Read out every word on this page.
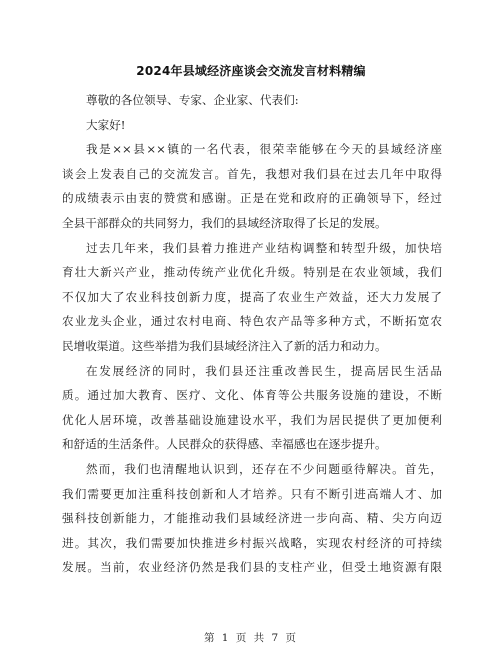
2024年县域经济座谈会交流发言材料精编
尊敬的各位领导、专家、企业家、代表们:
大家好!
我是××县××镇的一名代表，很荣幸能够在今天的县域经济座
谈会上发表自己的交流发言。首先，我想对我们县在过去几年中取得
的成绩表示由衷的赞赏和感谢。正是在党和政府的正确领导下，经过
全县干部群众的共同努力，我们的县域经济取得了长足的发展。
过去几年来，我们县着力推进产业结构调整和转型升级，加快培
育壮大新兴产业，推动传统产业优化升级。特别是在农业领域，我们
不仅加大了农业科技创新力度，提高了农业生产效益，还大力发展了
农业龙头企业，通过农村电商、特色农产品等多种方式，不断拓宽农
民增收渠道。这些举措为我们县域经济注入了新的活力和动力。
在发展经济的同时，我们县还注重改善民生，提高居民生活品
质。通过加大教育、医疗、文化、体育等公共服务设施的建设，不断
优化人居环境，改善基础设施建设水平，我们为居民提供了更加便利
和舒适的生活条件。人民群众的获得感、幸福感也在逐步提升。
然而，我们也清醒地认识到，还存在不少问题亟待解决。首先，
我们需要更加注重科技创新和人才培养。只有不断引进高端人才、加
强科技创新能力，才能推动我们县域经济进一步向高、精、尖方向迈
进。其次，我们需要加快推进乡村振兴战略，实现农村经济的可持续
发展。当前，农业经济仍然是我们县的支柱产业，但受土地资源有限
第 1 页 共 7 页
